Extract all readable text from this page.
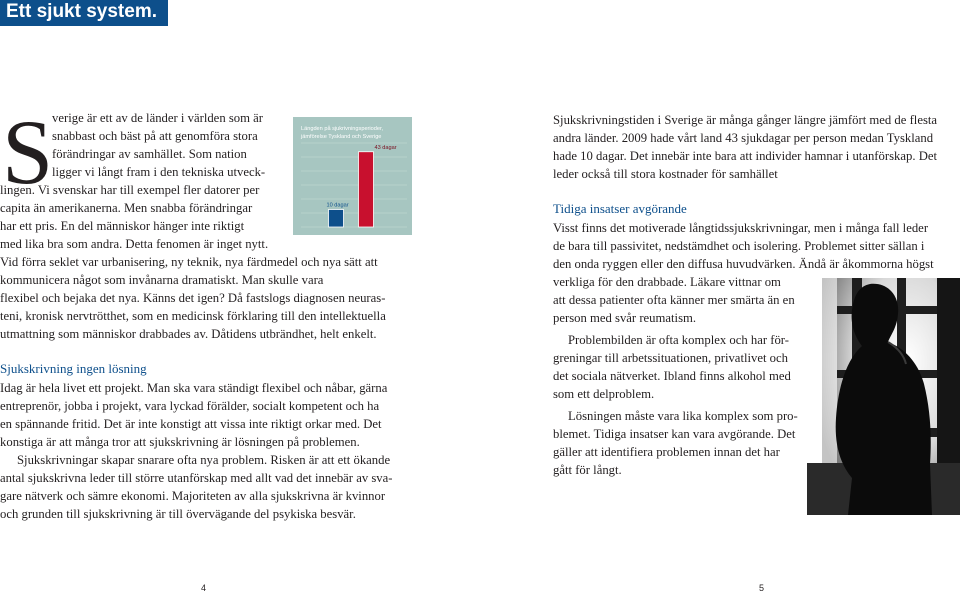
Ett sjukt system.
S

verige är ett av de länder i världen som är

snabbast och bäst på att genomföra stora

förändringar av samhället. Som nation

ligger vi långt fram i den tekniska utveck-

lingen. Vi svenskar har till exempel fler datorer per

capita än amerikanerna. Men snabba förändringar

har ett pris. En del människor hänger inte riktigt

med lika bra som andra. Detta fenomen är inget nytt.

Vid förra seklet var urbanisering, ny teknik, nya färdmedel och nya sätt att

kommunicera något som invånarna dramatiskt. Man skulle vara

flexibel och bejaka det nya. Känns det igen? Då fastslogs diagnosen neuras-

teni, kronisk nervtrötthet, som en medicinsk förklaring till den intellektuella

utmattning som människor drabbades av. Dåtidens utbrändhet, helt enkelt.

Sjukskrivning ingen lösning

Idag är hela livet ett projekt. Man ska vara ständigt flexibel och nåbar, gärna

entreprenör, jobba i projekt, vara lyckad förälder, socialt kompetent och ha

en spännande fritid. Det är inte konstigt att vissa inte riktigt orkar med. Det

konstiga är att många tror att sjukskrivning är lösningen på problemen.

Sjukskrivningar skapar snarare ofta nya problem. Risken är att ett ökande

antal sjukskrivna leder till större utanförskap med allt vad det innebär av sva-

gare nätverk och sämre ekonomi. Majoriteten av alla sjukskrivna är kvinnor

och grunden till sjukskrivning är till övervägande del psykiska besvär.

4
Längden på sjukrivningsperioder,
jämförelse Tyskland och Sverige
10 dagar
43 dagar

Sjukskrivningstiden i Sverige är många gånger längre jämfört med de flesta

andra länder. 2009 hade vårt land 43 sjukdagar per person medan Tyskland

hade 10 dagar. Det innebär inte bara att individer hamnar i utanförskap. Det

leder också till stora kostnader för samhället

Tidiga insatser avgörande

Visst finns det motiverade långtidssjukskrivningar, men i många fall leder

de bara till passivitet, nedstämdhet och isolering. Problemet sitter sällan i

den onda ryggen eller den diffusa huvudvärken. Ändå är åkommorna högst

verkliga för den drabbade. Läkare vittnar om

att dessa patienter ofta känner mer smärta än en

person med svår reumatism.

Problembilden är ofta komplex och har för-

greningar till arbetssituationen, privatlivet och

det sociala nätverket. Ibland finns alkohol med

som ett delproblem.

Lösningen måste vara lika komplex som pro-

blemet. Tidiga insatser kan vara avgörande. Det

gäller att identifiera problemen innan det har

gått för långt.

5
